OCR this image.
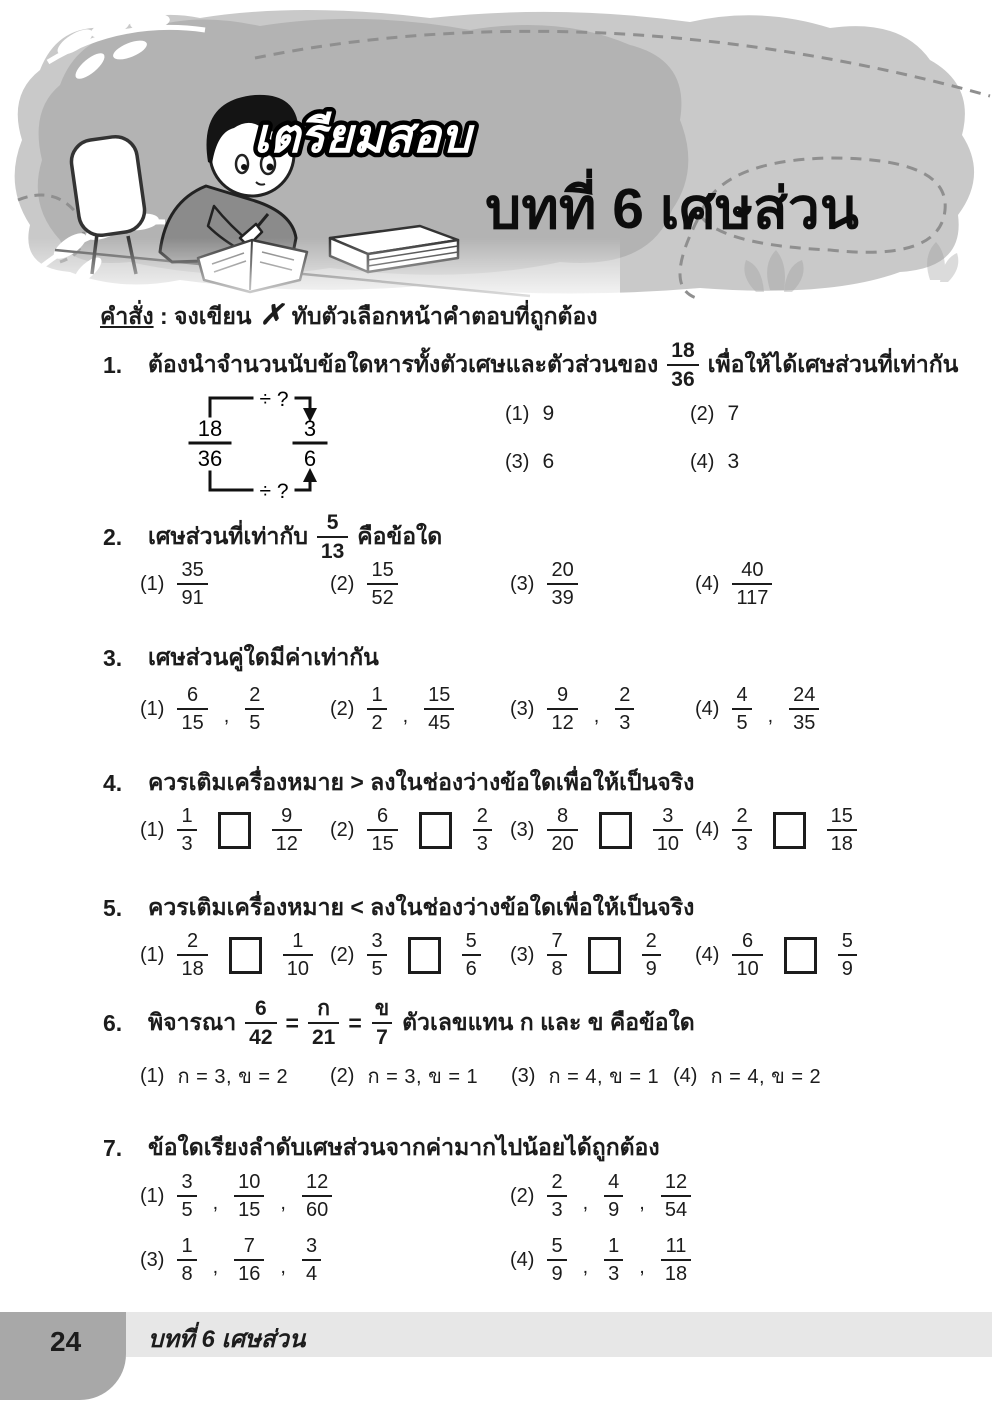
เตรียมสอบ
บทที่ 6 เศษส่วน
คำสั่ง : จงเขียน ✗ ทับตัวเลือกหน้าคำตอบที่ถูกต้อง
1.	ต้องนำจำนวนนับข้อใดหารทั้งตัวเศษและตัวส่วนของ $\frac{18}{36}$ เพื่อให้ได้เศษส่วนที่เท่ากัน
18
36
3
6
÷ ?
÷ ?
(1) 9	(2) 7
(3) 6	(4) 3
2.	เศษส่วนที่เท่ากับ $\frac{5}{13}$ คือข้อใด
$(1) \frac{35}{91}$	$(2) \frac{15}{52}$	$(3) \frac{20}{39}$	$(4) \frac{40}{117}$
3.	เศษส่วนคู่ใดมีค่าเท่ากัน
$(1) \frac{6}{15}$ , $\frac{2}{5}$	$(2) \frac{1}{2}$ , $\frac{15}{45}$	$(3) \frac{9}{12}$ , $\frac{2}{3}$	$(4) \frac{4}{5}$ , $\frac{24}{35}$
4.	ควรเติมเครื่องหมาย > ลงในช่องว่างข้อใดเพื่อให้เป็นจริง
$(1) \frac{1}{3}$	$\frac{9}{12} (2) \frac{6}{15}$	$\frac{2}{3} (3) \frac{8}{20}$	$\frac{3}{10} (4) \frac{2}{3}$	$\frac{15}{18}$
5.	ควรเติมเครื่องหมาย < ลงในช่องว่างข้อใดเพื่อให้เป็นจริง
$(1) \frac{2}{18}$	$\frac{1}{10} (2) \frac{3}{5}$	$\frac{5}{6} (3) \frac{7}{8}$	$\frac{2}{9} (4) \frac{6}{10}$	$\frac{5}{9}$
6.	พิจารณา $\frac{6}{42} = \frac{\text{ก}}{21} = \frac{\text{ข}}{7}$ ตัวเลขแทน ก และ ข คือข้อใด
(1) ก = 3, ข = 2 (2) ก = 3, ข = 1 (3) ก = 4, ข = 1 (4) ก = 4, ข = 2
7.	ข้อใดเรียงลำดับเศษส่วนจากค่ามากไปน้อยได้ถูกต้อง
$(1) \frac{3}{5}$ , $\frac{10}{15}$ , $\frac{12}{60}$	$(2) \frac{2}{3}$ , $\frac{4}{9}$ , $\frac{12}{54}$
$(3) \frac{1}{8}$ , $\frac{7}{16}$ , $\frac{3}{4}$	$(4) \frac{5}{9}$ , $\frac{1}{3}$ , $\frac{11}{18}$
24	บทที่ 6 เศษส่วน
